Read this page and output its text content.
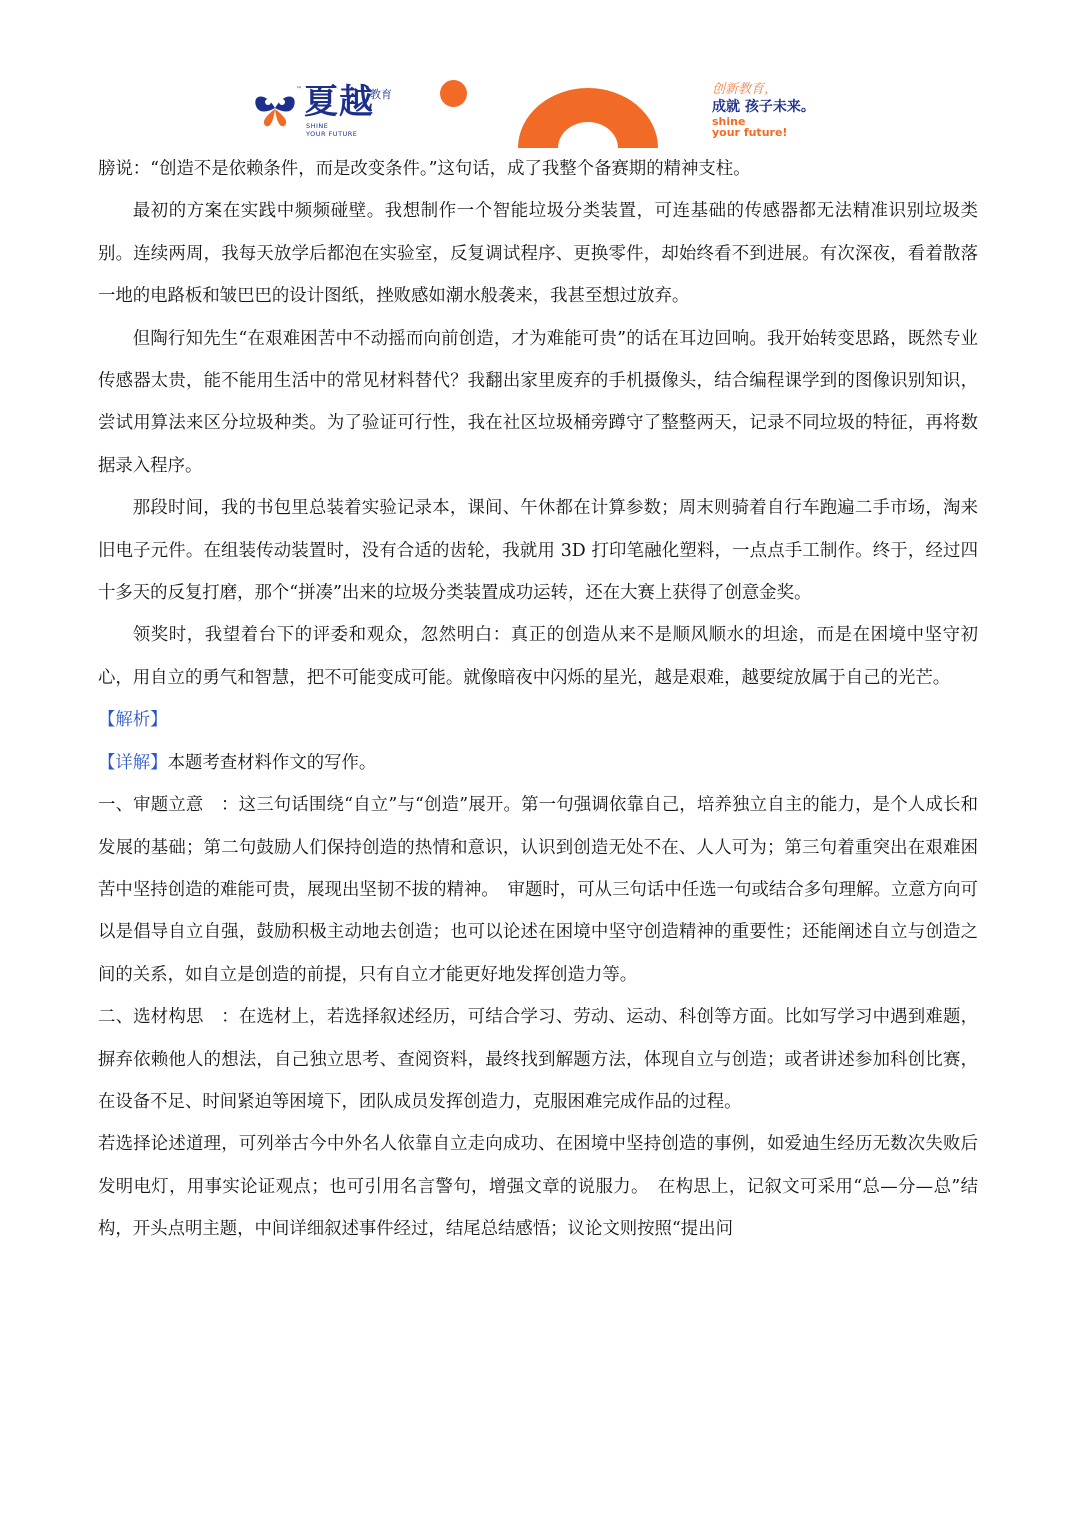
™ 夏越
教育
SHINE
YOUR FUTURE
创新教育，
成就 孩子未来。
shine
your future!

膀说：“创造不是依赖条件，而是改变条件。”这句话，成了我整个备赛期的精神支柱。

最初的方案在实践中频频碰壁。我想制作一个智能垃圾分类装置，可连基础的传感器都无法精准识别垃圾类别。连续两周，我每天放学后都泡在实验室，反复调试程序、更换零件，却始终看不到进展。有次深夜，看着散落一地的电路板和皱巴巴的设计图纸，挫败感如潮水般袭来，我甚至想过放弃。

但陶行知先生“在艰难困苦中不动摇而向前创造，才为难能可贵”的话在耳边回响。我开始转变思路，既然专业传感器太贵，能不能用生活中的常见材料替代？我翻出家里废弃的手机摄像头，结合编程课学到的图像识别知识，尝试用算法来区分垃圾种类。为了验证可行性，我在社区垃圾桶旁蹲守了整整两天，记录不同垃圾的特征，再将数据录入程序。

那段时间，我的书包里总装着实验记录本，课间、午休都在计算参数；周末则骑着自行车跑遍二手市场，淘来旧电子元件。在组装传动装置时，没有合适的齿轮，我就用 3D 打印笔融化塑料，一点点手工制作。终于，经过四十多天的反复打磨，那个“拼凑”出来的垃圾分类装置成功运转，还在大赛上获得了创意金奖。

领奖时，我望着台下的评委和观众，忽然明白：真正的创造从来不是顺风顺水的坦途，而是在困境中坚守初心，用自立的勇气和智慧，把不可能变成可能。就像暗夜中闪烁的星光，越是艰难，越要绽放属于自己的光芒。

【解析】

【详解】本题考查材料作文的写作。

一、审题立意　：这三句话围绕“自立”与“创造”展开。第一句强调依靠自己，培养独立自主的能力，是个人成长和发展的基础；第二句鼓励人们保持创造的热情和意识，认识到创造无处不在、人人可为；第三句着重突出在艰难困苦中坚持创造的难能可贵，展现出坚韧不拔的精神。　审题时，可从三句话中任选一句或结合多句理解。立意方向可以是倡导自立自强，鼓励积极主动地去创造；也可以论述在困境中坚守创造精神的重要性；还能阐述自立与创造之间的关系，如自立是创造的前提，只有自立才能更好地发挥创造力等。

二、选材构思　：在选材上，若选择叙述经历，可结合学习、劳动、运动、科创等方面。比如写学习中遇到难题，摒弃依赖他人的想法，自己独立思考、查阅资料，最终找到解题方法，体现自立与创造；或者讲述参加科创比赛，在设备不足、时间紧迫等困境下，团队成员发挥创造力，克服困难完成作品的过程。

若选择论述道理，可列举古今中外名人依靠自立走向成功、在困境中坚持创造的事例，如爱迪生经历无数次失败后发明电灯，用事实论证观点；也可引用名言警句，增强文章的说服力。　在构思上，记叙文可采用“总—分—总”结构，开头点明主题，中间详细叙述事件经过，结尾总结感悟；议论文则按照“提出问
